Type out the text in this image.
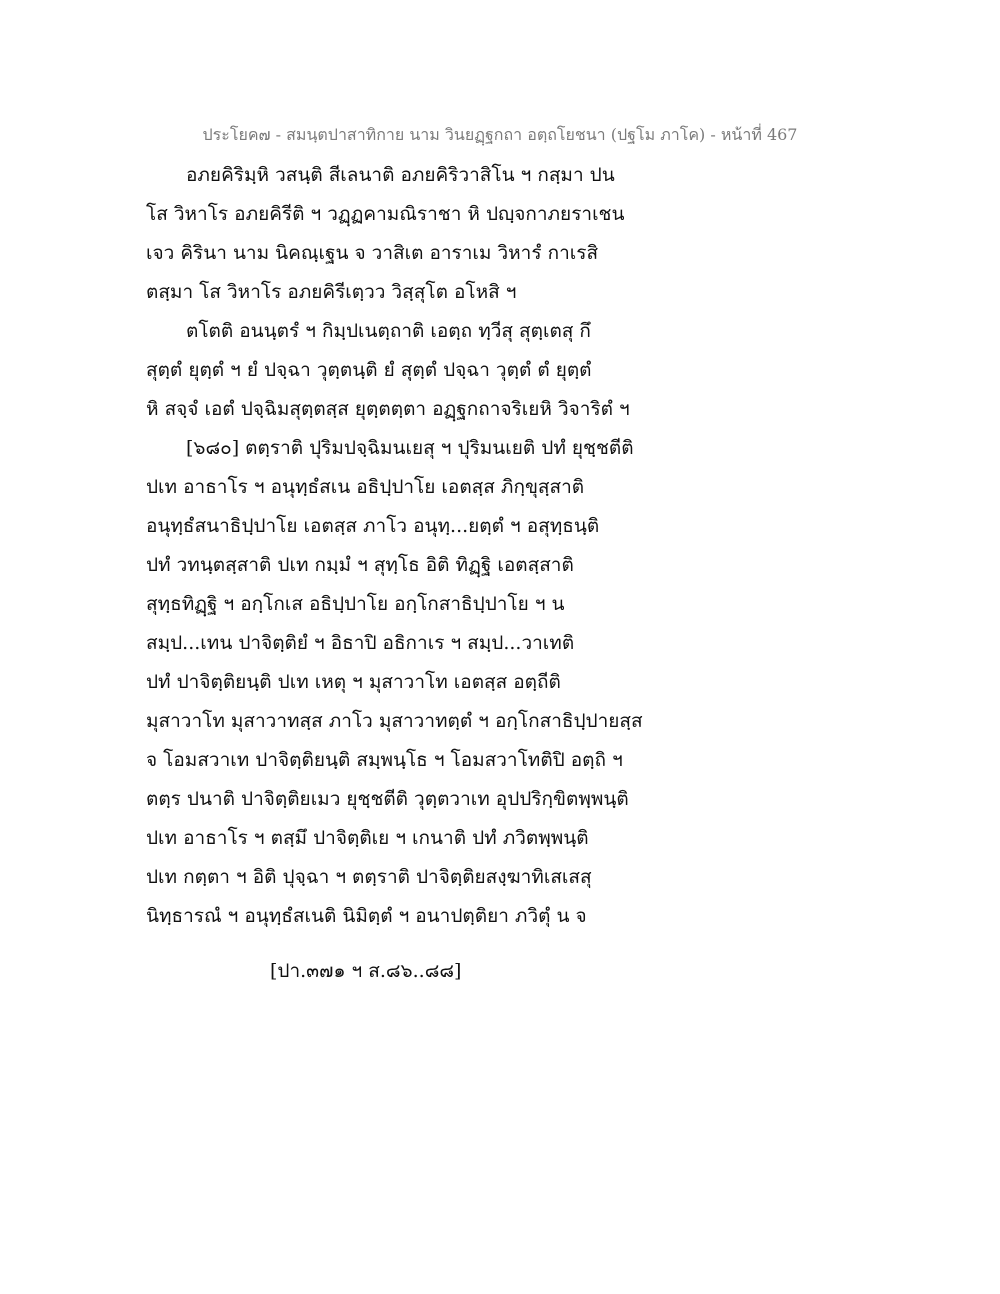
ประโยค๗ - สมนฺตปาสาทิกาย นาม วินยฏฺฐกถา อตฺถโยชนา (ปฐโม ภาโค) - หน้าที่ 467
อภยคิริมฺหิ วสนฺติ สีเลนาติ อภยคิริวาสิโน ฯ กสฺมา ปน
โส วิหาโร อภยคิรีติ ฯ วฏฺฏคามณิราชา หิ ปญฺจกาภยราเชน
เจว คิรินา นาม นิคณฺเฐน จ วาสิเต อาราเม วิหารํ กาเรสิ
ตสฺมา โส วิหาโร อภยคิรีเตฺวว วิสฺสุโต อโหสิ ฯ
ตโตติ อนนฺตรํ ฯ กิมฺปเนตฺถาติ เอตฺถ ทฺวีสุ สุตฺเตสุ กึ
สุตฺตํ ยุตฺตํ ฯ ยํ ปจฺฉา วุตฺตนฺติ ยํ สุตฺตํ ปจฺฉา วุตฺตํ ตํ ยุตฺตํ
หิ สจฺจํ เอตํ ปจฺฉิมสุตฺตสฺส ยุตฺตตฺตา อฏฺฐกถาจริเยหิ วิจาริตํ ฯ
[๖๘๐] ตตฺราติ ปุริมปจฺฉิมนเยสุ ฯ ปุริมนเยติ ปทํ ยุชฺชตีติ
ปเท อาธาโร ฯ อนุทฺธํสเน อธิปฺปาโย เอตสฺส ภิกฺขุสฺสาติ
อนุทฺธํสนาธิปฺปาโย เอตสฺส ภาโว อนุทฺ...ยตฺตํ ฯ อสุทฺธนฺติ
ปทํ วทนฺตสฺสาติ ปเท กมฺมํ ฯ สุทฺโธ อิติ ทิฏฺฐิ เอตสฺสาติ
สุทฺธทิฏฺฐิ ฯ อกฺโกเส อธิปฺปาโย อกฺโกสาธิปฺปาโย ฯ น
สมฺป...เทน ปาจิตฺติยํ ฯ อิธาปิ อธิกาเร ฯ สมฺป...วาเทติ
ปทํ ปาจิตฺติยนฺติ ปเท เหตุ ฯ มุสาวาโท เอตสฺส อตฺถีติ
มุสาวาโท มุสาวาทสฺส ภาโว มุสาวาทตฺตํ ฯ อกฺโกสาธิปฺปายสฺส
จ โอมสวาเท ปาจิตฺติยนฺติ สมฺพนฺโธ ฯ โอมสวาโทติปิ อตฺถิ ฯ
ตตฺร ปนาติ ปาจิตฺติยเมว ยุชฺชตีติ วุตฺตวาเท อุปปริกฺขิตพฺพนฺติ
ปเท อาธาโร ฯ ตสฺมึ ปาจิตฺติเย ฯ เกนาติ ปทํ ภวิตพฺพนฺติ
ปเท กตฺตา ฯ อิติ ปุจฺฉา ฯ ตตฺราติ ปาจิตฺติยสงฺฆาทิเสเสสุ
นิทฺธารณํ ฯ อนุทฺธํสเนติ นิมิตฺตํ ฯ อนาปตฺติยา ภวิตุํ น จ
[ปา.๓๗๑ ฯ ส.๘๖..๘๘]
